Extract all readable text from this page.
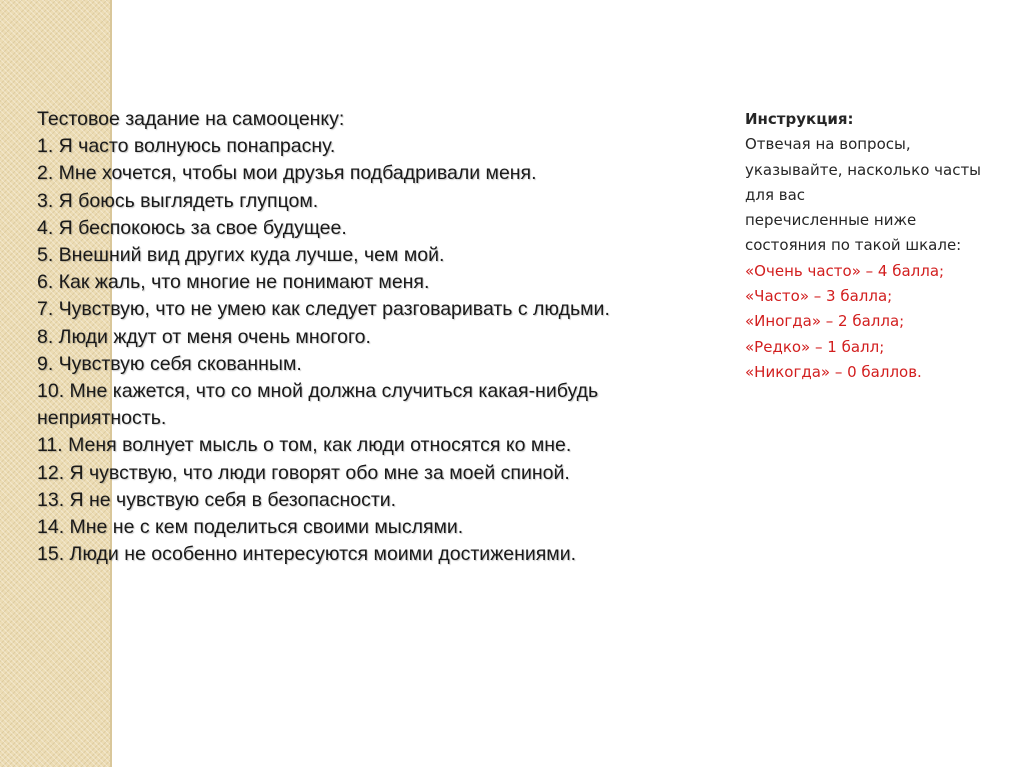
Тестовое задание на самооценку:
1. Я часто волнуюсь понапрасну.
2. Мне хочется, чтобы мои друзья подбадривали меня.
3. Я боюсь выглядеть глупцом.
4. Я беспокоюсь за свое будущее.
5. Внешний вид других куда лучше, чем мой.
6. Как жаль, что многие не понимают меня.
7. Чувствую, что не умею как следует разговаривать с людьми.
8. Люди ждут от меня очень многого.
9. Чувствую себя скованным.
10. Мне кажется, что со мной должна случиться какая-нибудь неприятность.
11. Меня волнует мысль о том, как люди относятся ко мне.
12. Я чувствую, что люди говорят обо мне за моей спиной.
13. Я не чувствую себя в безопасности.
14. Мне не с кем поделиться своими мыслями.
15. Люди не особенно интересуются моими достижениями.
Инструкция:
Отвечая на вопросы,
указывайте, насколько часты
для вас
перечисленные ниже
состояния по такой шкале:
«Очень часто» – 4 балла;
«Часто» – 3 балла;
«Иногда» – 2 балла;
«Редко» – 1 балл;
«Никогда» – 0 баллов.
